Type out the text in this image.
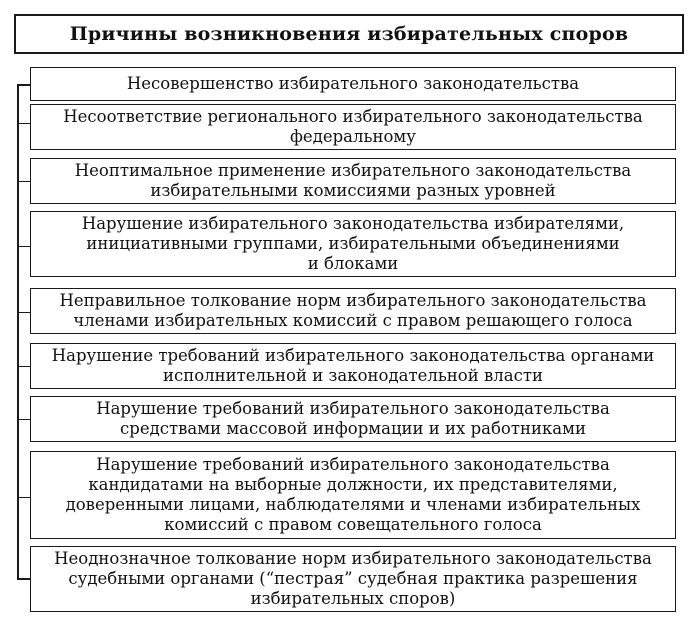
Причины возникновения избирательных споров
Несовершенство избирательного законодательства
Несоответствие регионального избирательного законодательства
федеральному
Неоптимальное применение избирательного законодательства
избирательными комиссиями разных уровней
Нарушение избирательного законодательства избирателями,
инициативными группами, избирательными объединениями
и блоками
Неправильное толкование норм избирательного законодательства
членами избирательных комиссий с правом решающего голоса
Нарушение требований избирательного законодательства органами
исполнительной и законодательной власти
Нарушение требований избирательного законодательства
средствами массовой информации и их работниками
Нарушение требований избирательного законодательства
кандидатами на выборные должности, их представителями,
доверенными лицами, наблюдателями и членами избирательных
комиссий с правом совещательного голоса
Неоднозначное толкование норм избирательного законодательства
судебными органами (“пестрая” судебная практика разрешения
избирательных споров)
